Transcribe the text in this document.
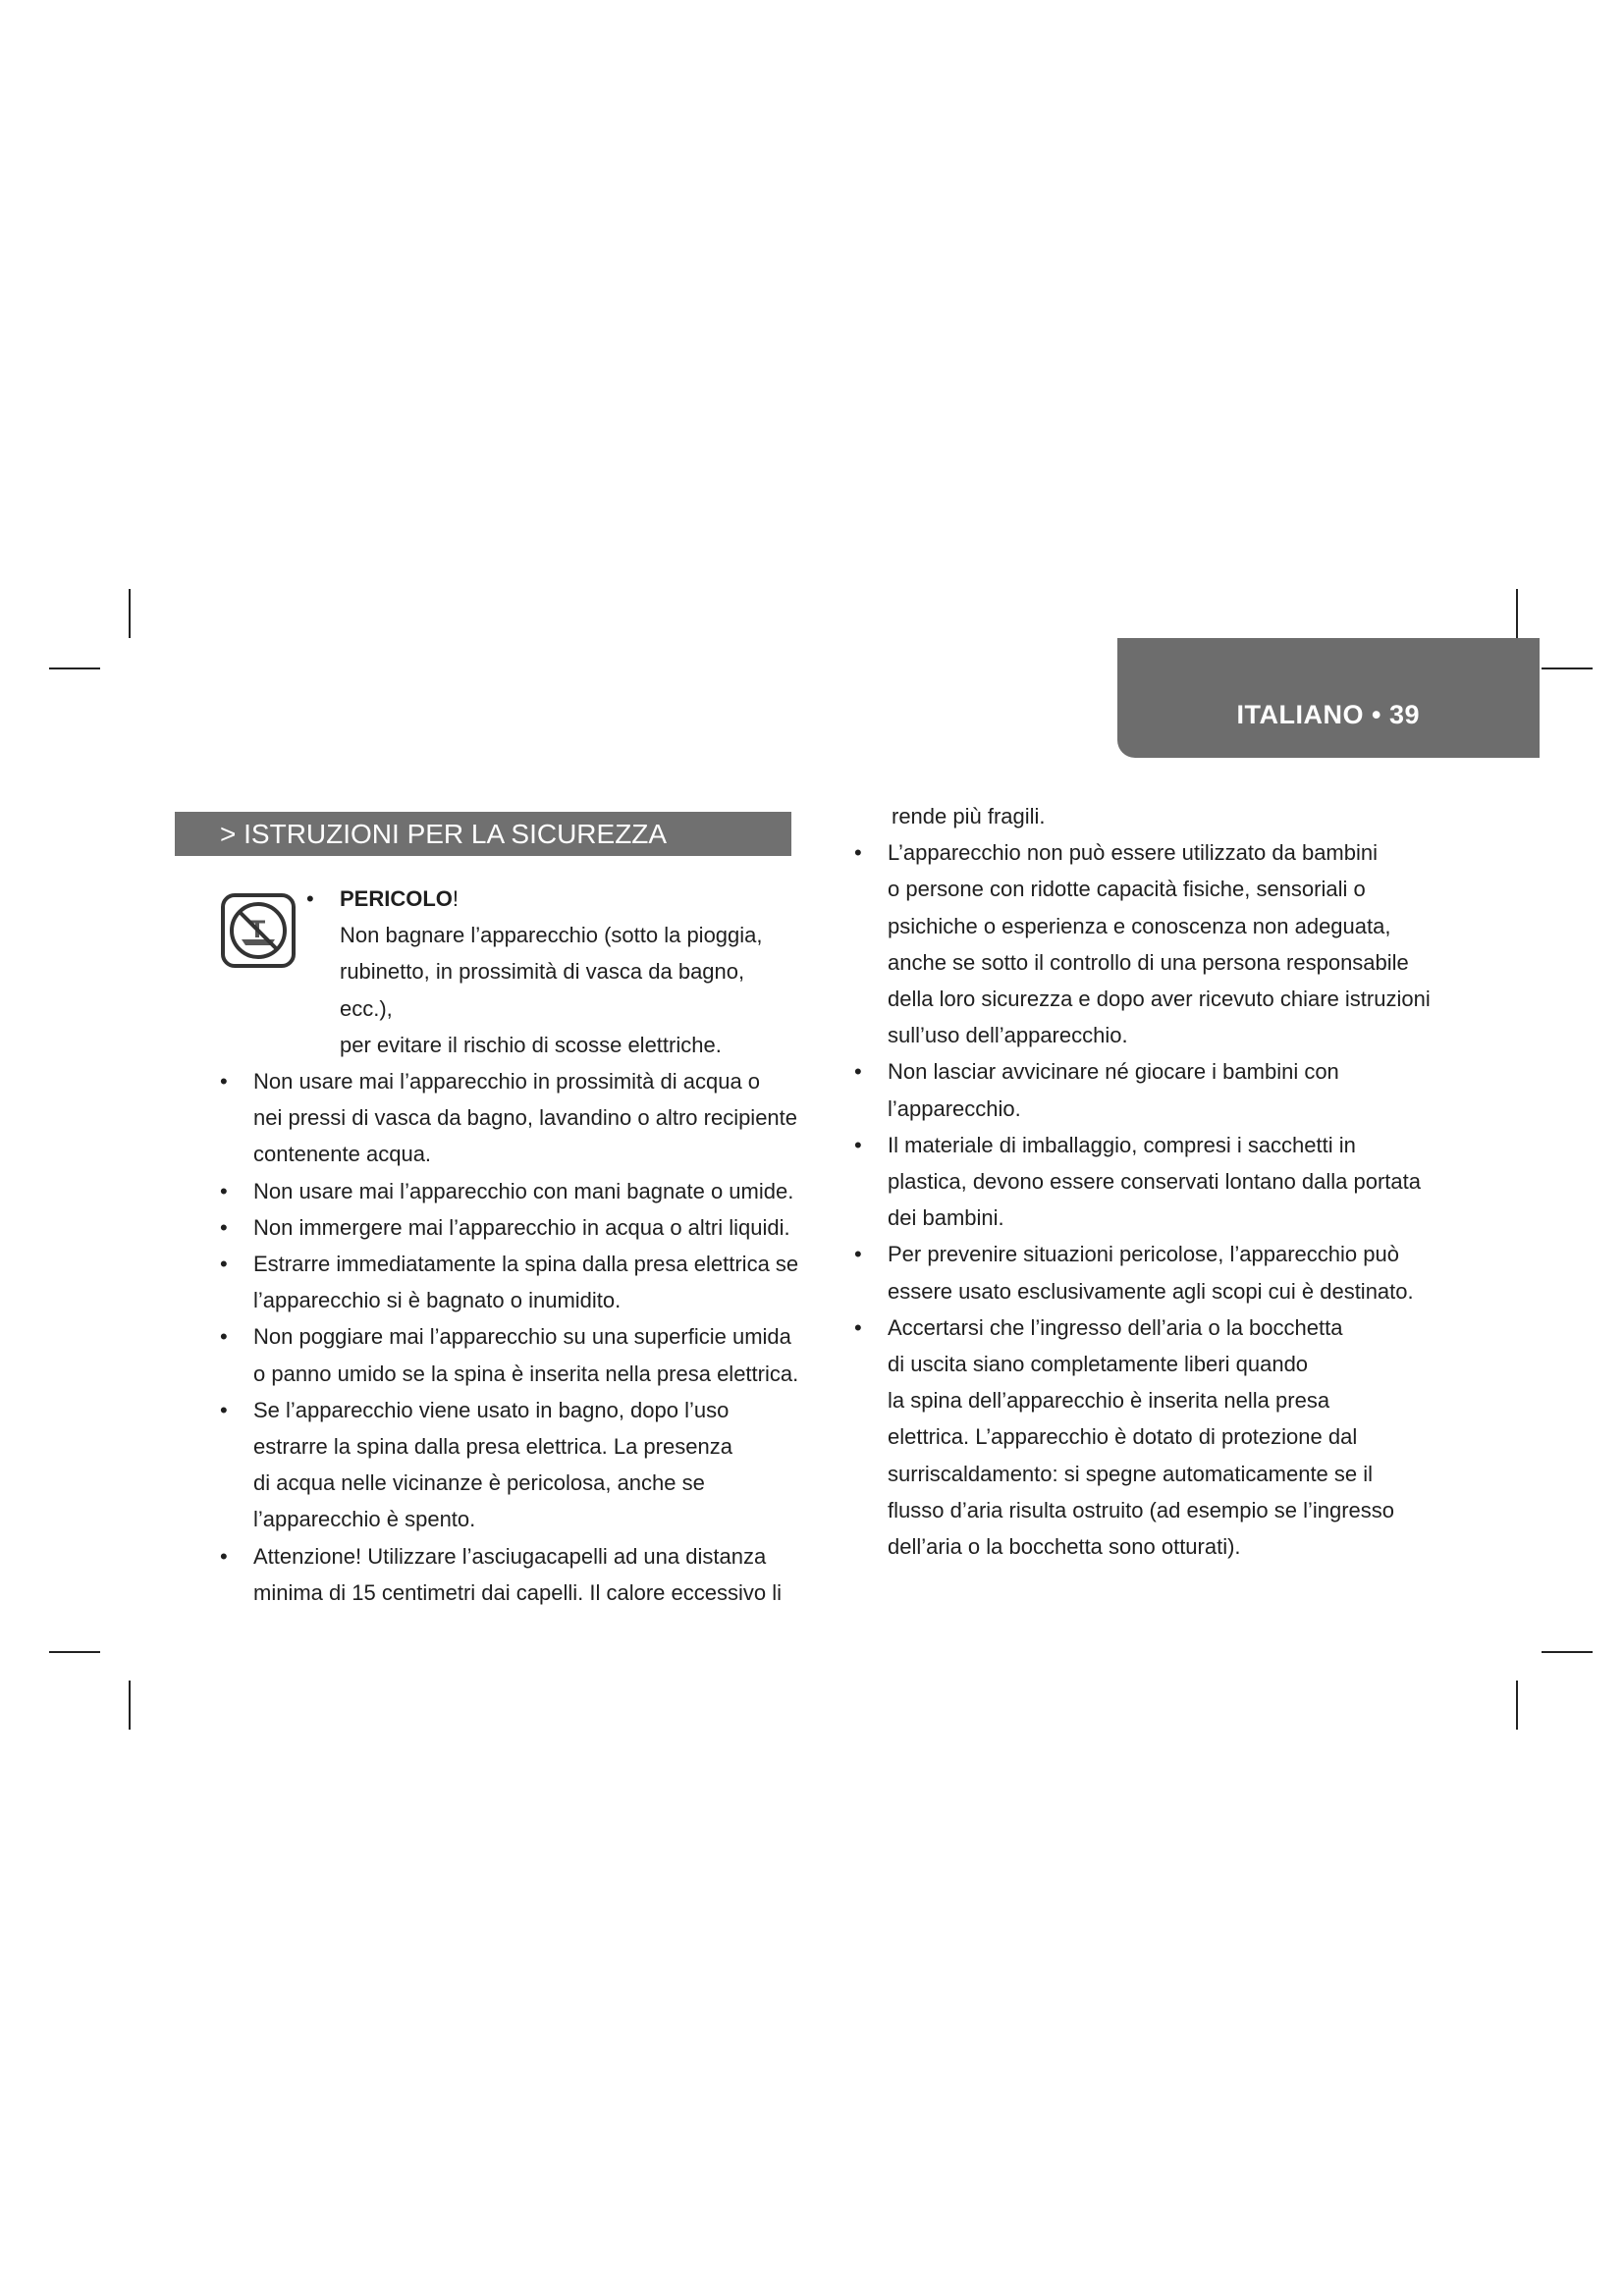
ITALIANO • 39
> ISTRUZIONI PER LA SICUREZZA
• PERICOLO!
Non bagnare l’apparecchio (sotto la pioggia,
rubinetto, in prossimità di vasca da bagno, ecc.),
per evitare il rischio di scosse elettriche.
• Non usare mai l’apparecchio in prossimità di acqua o
nei pressi di vasca da bagno, lavandino o altro recipiente
contenente acqua.
• Non usare mai l’apparecchio con mani bagnate o umide.
• Non immergere mai l’apparecchio in acqua o altri liquidi.
• Estrarre immediatamente la spina dalla presa elettrica se
l’apparecchio si è bagnato o inumidito.
• Non poggiare mai l’apparecchio su una superficie umida
o panno umido se la spina è inserita nella presa elettrica.
• Se l’apparecchio viene usato in bagno, dopo l’uso
estrarre la spina dalla presa elettrica. La presenza
di acqua nelle vicinanze è pericolosa, anche se
l’apparecchio è spento.
• Attenzione! Utilizzare l’asciugacapelli ad una distanza
minima di 15 centimetri dai capelli. Il calore eccessivo li
rende più fragili.
• L’apparecchio non può essere utilizzato da bambini
o persone con ridotte capacità fisiche, sensoriali o
psichiche o esperienza e conoscenza non adeguata,
anche se sotto il controllo di una persona responsabile
della loro sicurezza e dopo aver ricevuto chiare istruzioni
sull’uso dell’apparecchio.
• Non lasciar avvicinare né giocare i bambini con
l’apparecchio.
• Il materiale di imballaggio, compresi i sacchetti in
plastica, devono essere conservati lontano dalla portata
dei bambini.
• Per prevenire situazioni pericolose, l’apparecchio può
essere usato esclusivamente agli scopi cui è destinato.
• Accertarsi che l’ingresso dell’aria o la bocchetta
di uscita siano completamente liberi quando
la spina dell’apparecchio è inserita nella presa
elettrica. L’apparecchio è dotato di protezione dal
surriscaldamento: si spegne automaticamente se il
flusso d’aria risulta ostruito (ad esempio se l’ingresso
dell’aria o la bocchetta sono otturati).
